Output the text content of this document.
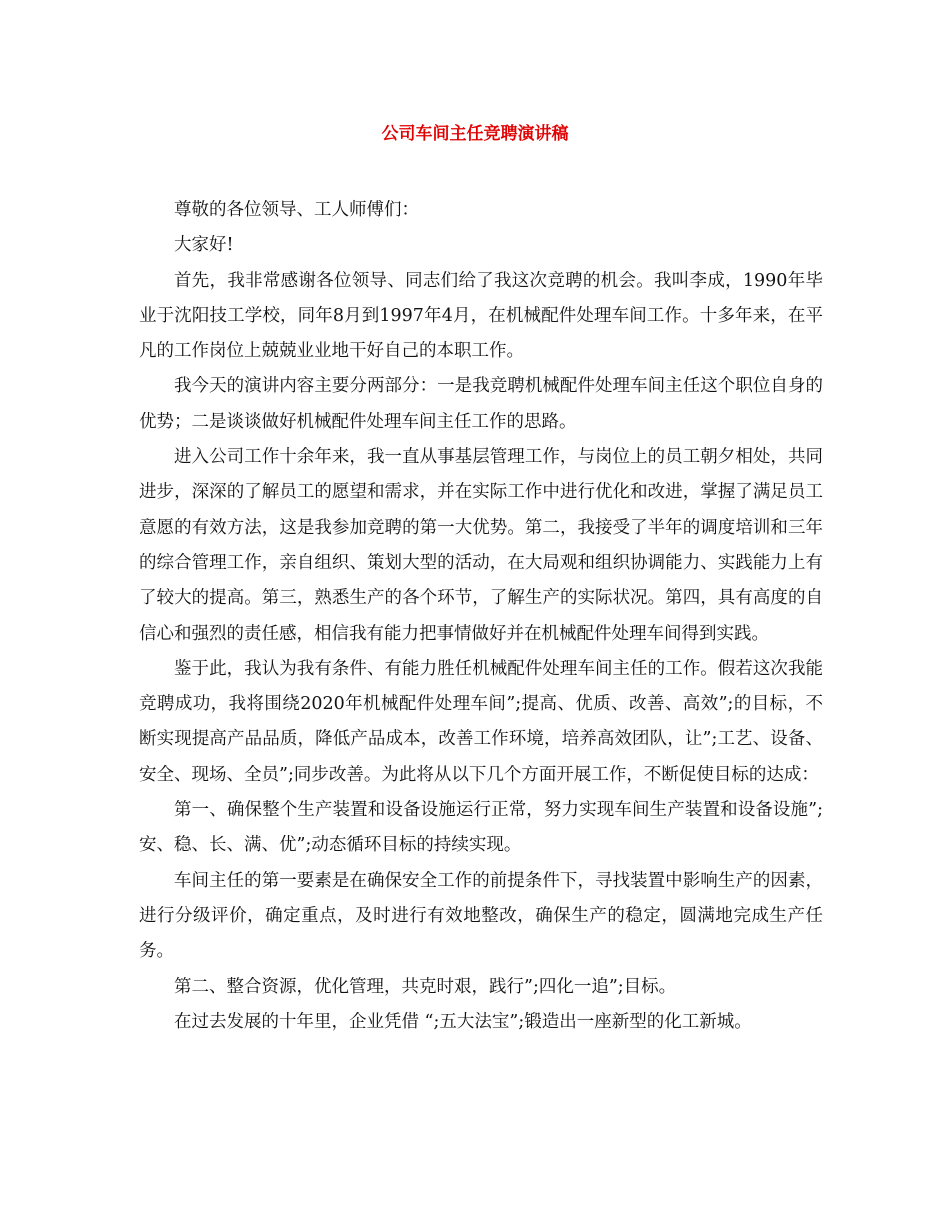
公司车间主任竞聘演讲稿

尊敬的各位领导、工人师傅们：

大家好!

首先，我非常感谢各位领导、同志们给了我这次竞聘的机会。我叫李成，1990年毕业于沈阳技工学校，同年8月到1997年4月，在机械配件处理车间工作。十多年来，在平凡的工作岗位上兢兢业业地干好自己的本职工作。

我今天的演讲内容主要分两部分：一是我竞聘机械配件处理车间主任这个职位自身的优势；二是谈谈做好机械配件处理车间主任工作的思路。

进入公司工作十余年来，我一直从事基层管理工作，与岗位上的员工朝夕相处，共同进步，深深的了解员工的愿望和需求，并在实际工作中进行优化和改进，掌握了满足员工意愿的有效方法，这是我参加竞聘的第一大优势。第二，我接受了半年的调度培训和三年的综合管理工作，亲自组织、策划大型的活动，在大局观和组织协调能力、实践能力上有了较大的提高。第三，熟悉生产的各个环节，了解生产的实际状况。第四，具有高度的自信心和强烈的责任感，相信我有能力把事情做好并在机械配件处理车间得到实践。

鉴于此，我认为我有条件、有能力胜任机械配件处理车间主任的工作。假若这次我能竞聘成功，我将围绕2020年机械配件处理车间”;提高、优质、改善、高效”;的目标，不断实现提高产品品质，降低产品成本，改善工作环境，培养高效团队，让”;工艺、设备、安全、现场、全员”;同步改善。为此将从以下几个方面开展工作，不断促使目标的达成：

第一、确保整个生产装置和设备设施运行正常，努力实现车间生产装置和设备设施”;安、稳、长、满、优”;动态循环目标的持续实现。

车间主任的第一要素是在确保安全工作的前提条件下，寻找装置中影响生产的因素，进行分级评价，确定重点，及时进行有效地整改，确保生产的稳定，圆满地完成生产任务。

第二、整合资源，优化管理，共克时艰，践行”;四化一追”;目标。

在过去发展的十年里，企业凭借 “;五大法宝”;锻造出一座新型的化工新城。
